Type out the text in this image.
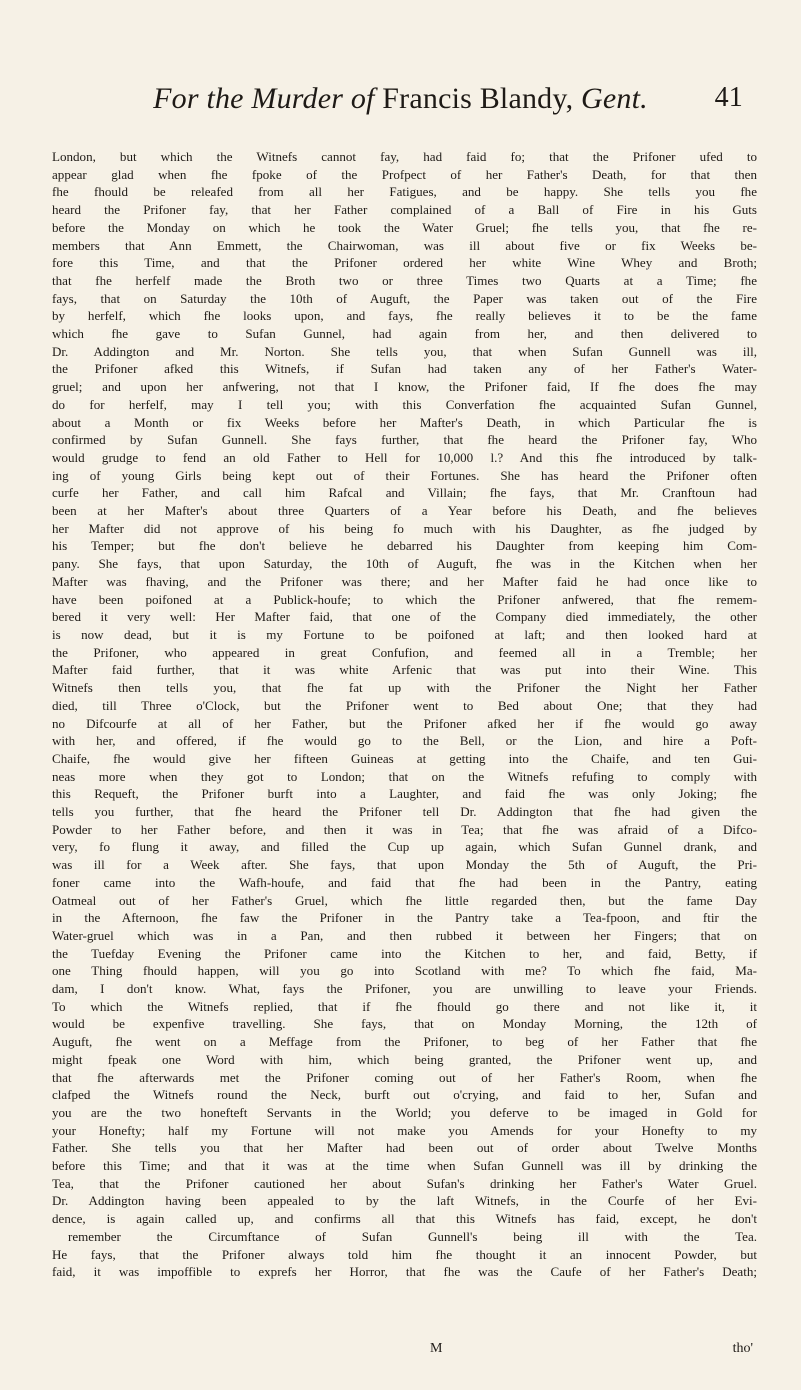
For the Murder of Francis Blandy, Gent. 41
London, but which the Witnefs cannot fay, had faid fo; that the Prifoner ufed to
appear glad when fhe fpoke of the Profpect of her Father's Death, for that then
fhe fhould be releafed from all her Fatigues, and be happy. She tells you fhe
heard the Prifoner fay, that her Father complained of a Ball of Fire in his Guts
before the Monday on which he took the Water Gruel; fhe tells you, that fhe re-
members that Ann Emmett, the Chairwoman, was ill about five or fix Weeks be-
fore this Time, and that the Prifoner ordered her white Wine Whey and Broth;
that fhe herfelf made the Broth two or three Times two Quarts at a Time; fhe
fays, that on Saturday the 10th of Auguft, the Paper was taken out of the Fire
by herfelf, which fhe looks upon, and fays, fhe really believes it to be the fame
which fhe gave to Sufan Gunnel, had again from her, and then delivered to
Dr. Addington and Mr. Norton. She tells you, that when Sufan Gunnell was ill,
the Prifoner afked this Witnefs, if Sufan had taken any of her Father's Water-
gruel; and upon her anfwering, not that I know, the Prifoner faid, If fhe does fhe may
do for herfelf, may I tell you; with this Converfation fhe acquainted Sufan Gunnel,
about a Month or fix Weeks before her Mafter's Death, in which Particular fhe is
confirmed by Sufan Gunnell. She fays further, that fhe heard the Prifoner fay, Who
would grudge to fend an old Father to Hell for 10,000 l.? And this fhe introduced by talk-
ing of young Girls being kept out of their Fortunes. She has heard the Prifoner often
curfe her Father, and call him Rafcal and Villain; fhe fays, that Mr. Cranftoun had
been at her Mafter's about three Quarters of a Year before his Death, and fhe believes
her Mafter did not approve of his being fo much with his Daughter, as fhe judged by
his Temper; but fhe don't believe he debarred his Daughter from keeping him Com-
pany. She fays, that upon Saturday, the 10th of Auguft, fhe was in the Kitchen when her
Mafter was fhaving, and the Prifoner was there; and her Mafter faid he had once like to
have been poifoned at a Publick-houfe; to which the Prifoner anfwered, that fhe remem-
bered it very well: Her Mafter faid, that one of the Company died immediately, the other
is now dead, but it is my Fortune to be poifoned at laft; and then looked hard at
the Prifoner, who appeared in great Confufion, and feemed all in a Tremble; her
Mafter faid further, that it was white Arfenic that was put into their Wine. This
Witnefs then tells you, that fhe fat up with the Prifoner the Night her Father
died, till Three o'Clock, but the Prifoner went to Bed about One; that they had
no Difcourfe at all of her Father, but the Prifoner afked her if fhe would go away
with her, and offered, if fhe would go to the Bell, or the Lion, and hire a Poft-
Chaife, fhe would give her fifteen Guineas at getting into the Chaife, and ten Gui-
neas more when they got to London; that on the Witnefs refufing to comply with
this Requeft, the Prifoner burft into a Laughter, and faid fhe was only Joking; fhe
tells you further, that fhe heard the Prifoner tell Dr. Addington that fhe had given the
Powder to her Father before, and then it was in Tea; that fhe was afraid of a Difco-
very, fo flung it away, and filled the Cup up again, which Sufan Gunnel drank, and
was ill for a Week after. She fays, that upon Monday the 5th of Auguft, the Pri-
foner came into the Wafh-houfe, and faid that fhe had been in the Pantry, eating
Oatmeal out of her Father's Gruel, which fhe little regarded then, but the fame Day
in the Afternoon, fhe faw the Prifoner in the Pantry take a Tea-fpoon, and ftir the
Water-gruel which was in a Pan, and then rubbed it between her Fingers; that on
the Tuefday Evening the Prifoner came into the Kitchen to her, and faid, Betty, if
one Thing fhould happen, will you go into Scotland with me? To which fhe faid, Ma-
dam, I don't know. What, fays the Prifoner, you are unwilling to leave your Friends.
To which the Witnefs replied, that if fhe fhould go there and not like it, it
would be expenfive travelling. She fays, that on Monday Morning, the 12th of
Auguft, fhe went on a Meffage from the Prifoner, to beg of her Father that fhe
might fpeak one Word with him, which being granted, the Prifoner went up, and
that fhe afterwards met the Prifoner coming out of her Father's Room, when fhe
clafped the Witnefs round the Neck, burft out o'crying, and faid to her, Sufan and
you are the two honefteft Servants in the World; you deferve to be imaged in Gold for
your Honefty; half my Fortune will not make you Amends for your Honefty to my
Father. She tells you that her Mafter had been out of order about Twelve Months
before this Time; and that it was at the time when Sufan Gunnell was ill by drinking the
Tea, that the Prifoner cautioned her about Sufan's drinking her Father's Water Gruel.
Dr. Addington having been appealed to by the laft Witnefs, in the Courfe of her Evi-
dence, is again called up, and confirms all that this Witnefs has faid, except, he don't
remember the Circumftance of Sufan Gunnell's being ill with the Tea.
He fays, that the Prifoner always told him fhe thought it an innocent Powder, but
faid, it was impoffible to exprefs her Horror, that fhe was the Caufe of her Father's Death;
M	tho'
